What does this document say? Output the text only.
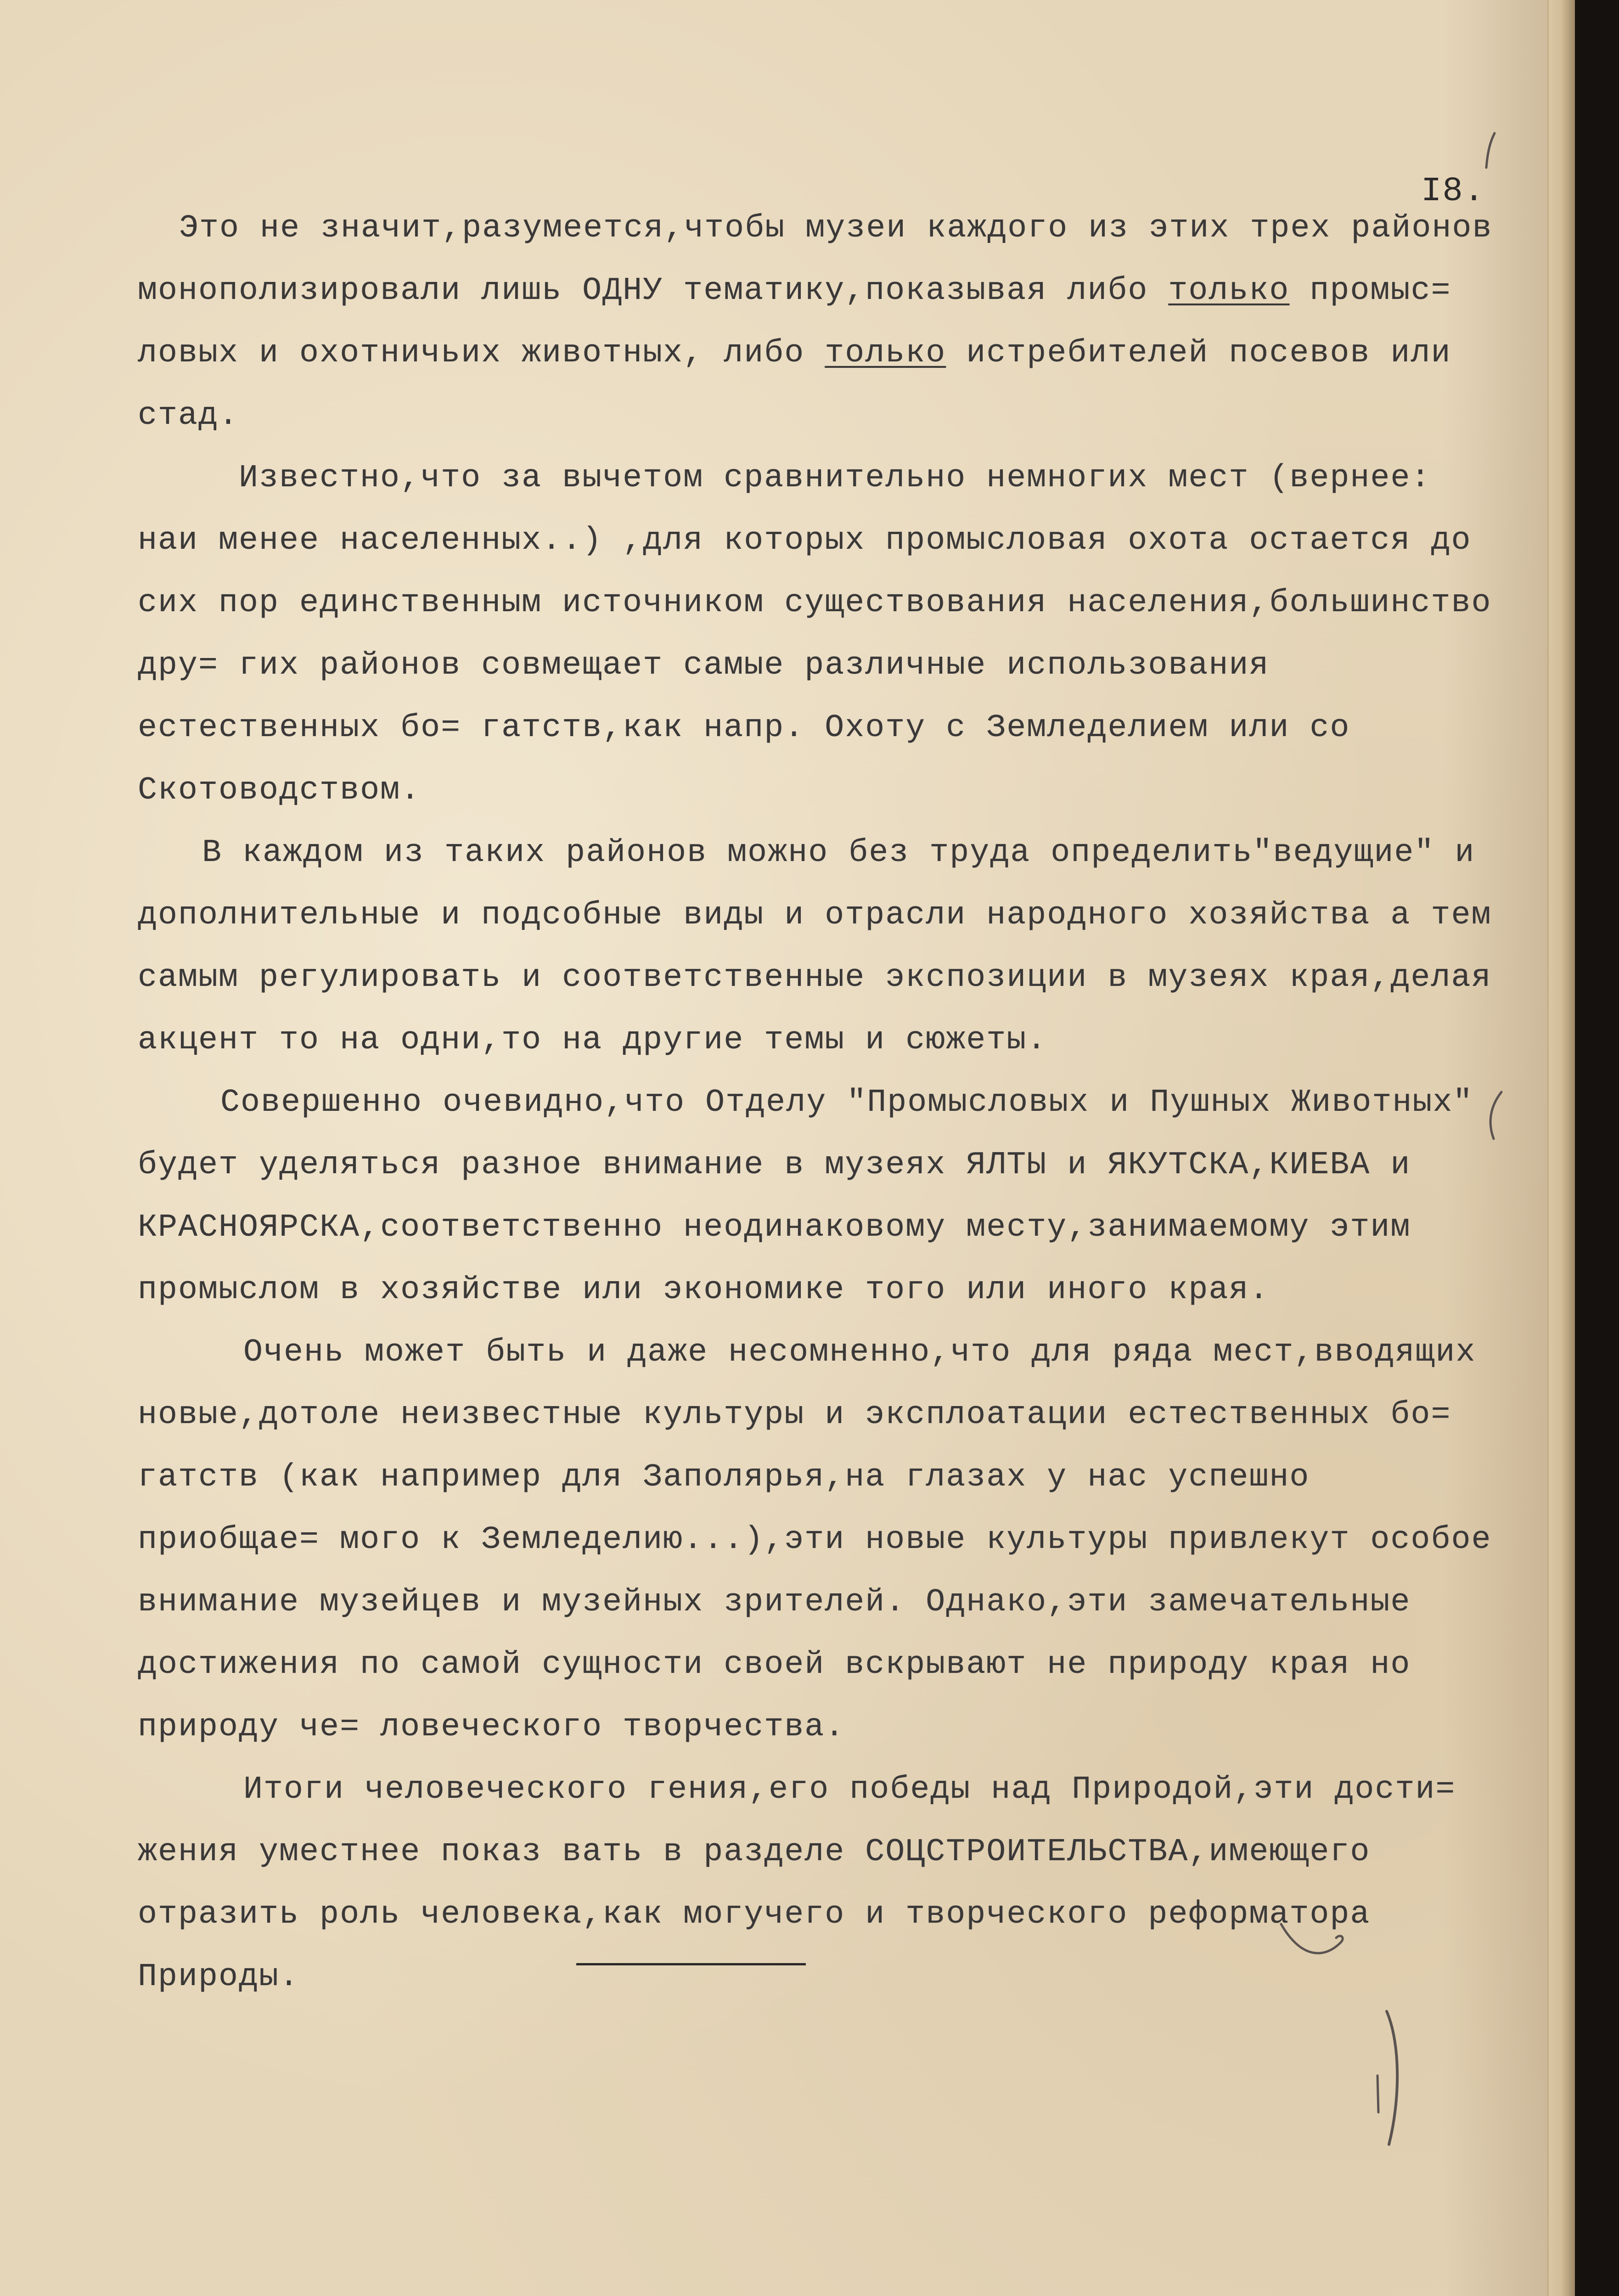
I8.

Это не значит,разумеется,чтобы музеи каждого из этих трех районов монополизировали лишь ОДНУ тематику,показывая либо только промыс= ловых и охотничьих животных, либо только истребителей посевов или стад.

Известно,что за вычетом сравнительно немногих мест (вернее: наи менее населенных..) ,для которых промысловая охота остается до сих пор единственным источником существования населения,большинство дру= гих районов совмещает самые различные использования естественных бо= гатств,как напр. Охоту с Земледелием или со Скотоводством.

В каждом из таких районов можно без труда определить"ведущие" и дополнительные и подсобные виды и отрасли народного хозяйства а тем самым регулировать и соответственные экспозиции в музеях края,делая акцент то на одни,то на другие темы и сюжеты.

Совершенно очевидно,что Отделу "Промысловых и Пушных Животных" будет уделяться разное внимание в музеях ЯЛТЫ и ЯКУТСКА,КИЕВА и КРАСНОЯРСКА,соответственно неодинаковому месту,занимаемому этим промыслом в хозяйстве или экономике того или иного края.

Очень может быть и даже несомненно,что для ряда мест,вводящих новые,дотоле неизвестные культуры и эксплоатации естественных бо= гатств (как например для Заполярья,на глазах у нас успешно приобщае= мого к Земледелию...),эти новые культуры привлекут особое внимание музейцев и музейных зрителей. Однако,эти замечательные достижения по самой сущности своей вскрывают не природу края но природу че= ловеческого творчества.

Итоги человеческого гения,его победы над Природой,эти дости= жения уместнее показ вать в разделе СОЦСТРОИТЕЛЬСТВА,имеющего отразить роль человека,как могучего и творческого реформатора Природы.
